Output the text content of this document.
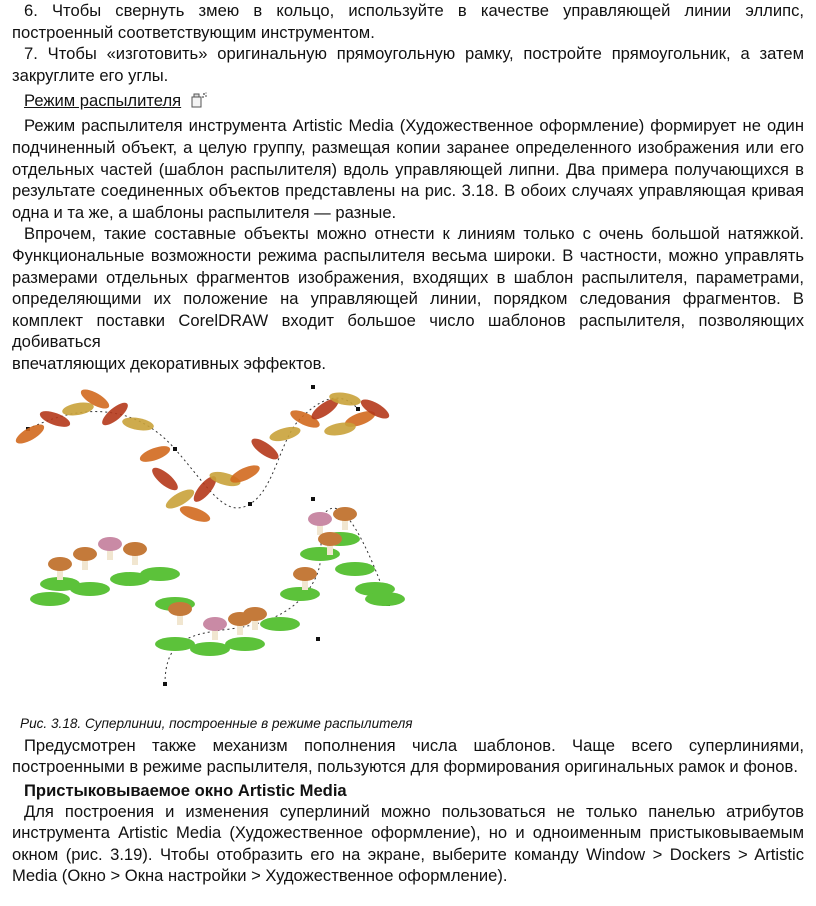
6. Чтобы свернуть змею в кольцо, используйте в качестве управляющей линии эллипс, построенный соответствующим инструментом.

7. Чтобы «изготовить» оригинальную прямоугольную рамку, постройте прямоугольник, а затем закруглите его углы.

Режим распылителя

Режим распылителя инструмента Artistic Media (Художественное оформление) формирует не один подчиненный объект, а целую группу, размещая копии заранее определенного изображения или его отдельных частей (шаблон распылителя) вдоль управляющей липни. Два примера получающихся в результате соединенных объектов представлены на рис. 3.18. В обоих случаях управляющая кривая одна и та же, а шаблоны распылителя — разные.

Впрочем, такие составные объекты можно отнести к линиям только с очень большой натяжкой. Функциональные возможности режима распылителя весьма широки. В частности, можно управлять размерами отдельных фрагментов изображения, входящих в шаблон распылителя, параметрами, определяющими их положение на управляющей линии, порядком следования фрагментов. В комплект поставки CorelDRAW входит большое число шаблонов распылителя, позволяющих добиваться

впечатляющих декоративных эффектов.

Рис. 3.18. Суперлинии, построенные в режиме распылителя

Предусмотрен также механизм пополнения числа шаблонов. Чаще всего суперлиниями, построенными в режиме распылителя, пользуются для формирования оригинальных рамок и фонов.

Пристыковываемое окно Artistic Media

Для построения и изменения суперлиний можно пользоваться не только панелью атрибутов инструмента Artistic Media (Художественное оформление), но и одноименным пристыковываемым окном (рис. 3.19). Чтобы отобразить его на экране, выберите команду Window > Dockers > Artistic Media (Окно > Окна настройки > Художественное оформление).
